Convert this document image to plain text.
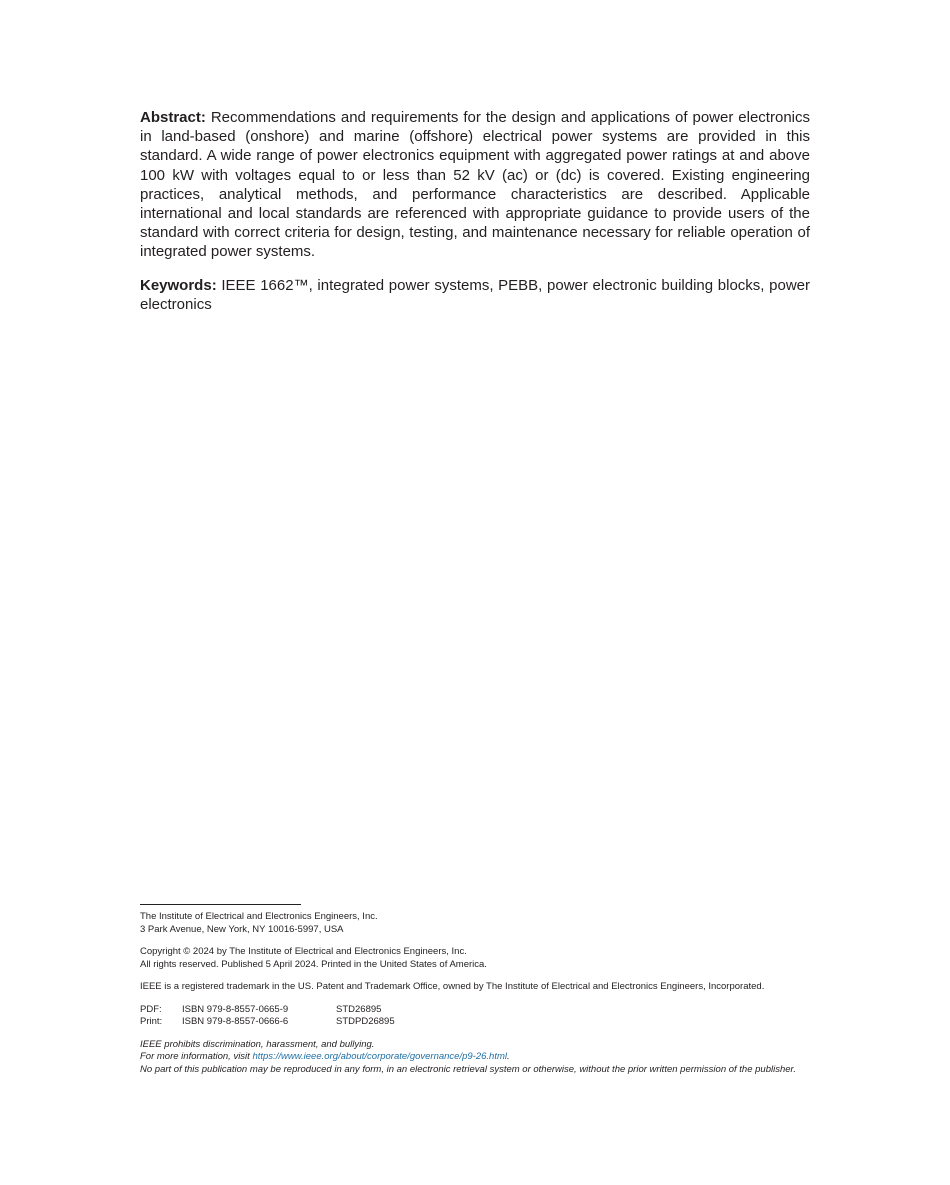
Abstract: Recommendations and requirements for the design and applications of power electronics in land-based (onshore) and marine (offshore) electrical power systems are provided in this standard. A wide range of power electronics equipment with aggregated power ratings at and above 100 kW with voltages equal to or less than 52 kV (ac) or (dc) is covered. Existing engineering practices, analytical methods, and performance characteristics are described. Applicable international and local standards are referenced with appropriate guidance to provide users of the standard with correct criteria for design, testing, and maintenance necessary for reliable operation of integrated power systems.

Keywords: IEEE 1662™, integrated power systems, PEBB, power electronic building blocks, power electronics

The Institute of Electrical and Electronics Engineers, Inc.

3 Park Avenue, New York, NY 10016-5997, USA

Copyright © 2024 by The Institute of Electrical and Electronics Engineers, Inc.

All rights reserved. Published 5 April 2024. Printed in the United States of America.

IEEE is a registered trademark in the US. Patent and Trademark Office, owned by The Institute of Electrical and Electronics Engineers, Incorporated.

PDF:	ISBN 979-8-8557-0665-9	STD26895
Print:	ISBN 979-8-8557-0666-6	STDPD26895

IEEE prohibits discrimination, harassment, and bullying.

For more information, visit https://www.ieee.org/about/corporate/governance/p9-26.html.

No part of this publication may be reproduced in any form, in an electronic retrieval system or otherwise, without the prior written permission of the publisher.
